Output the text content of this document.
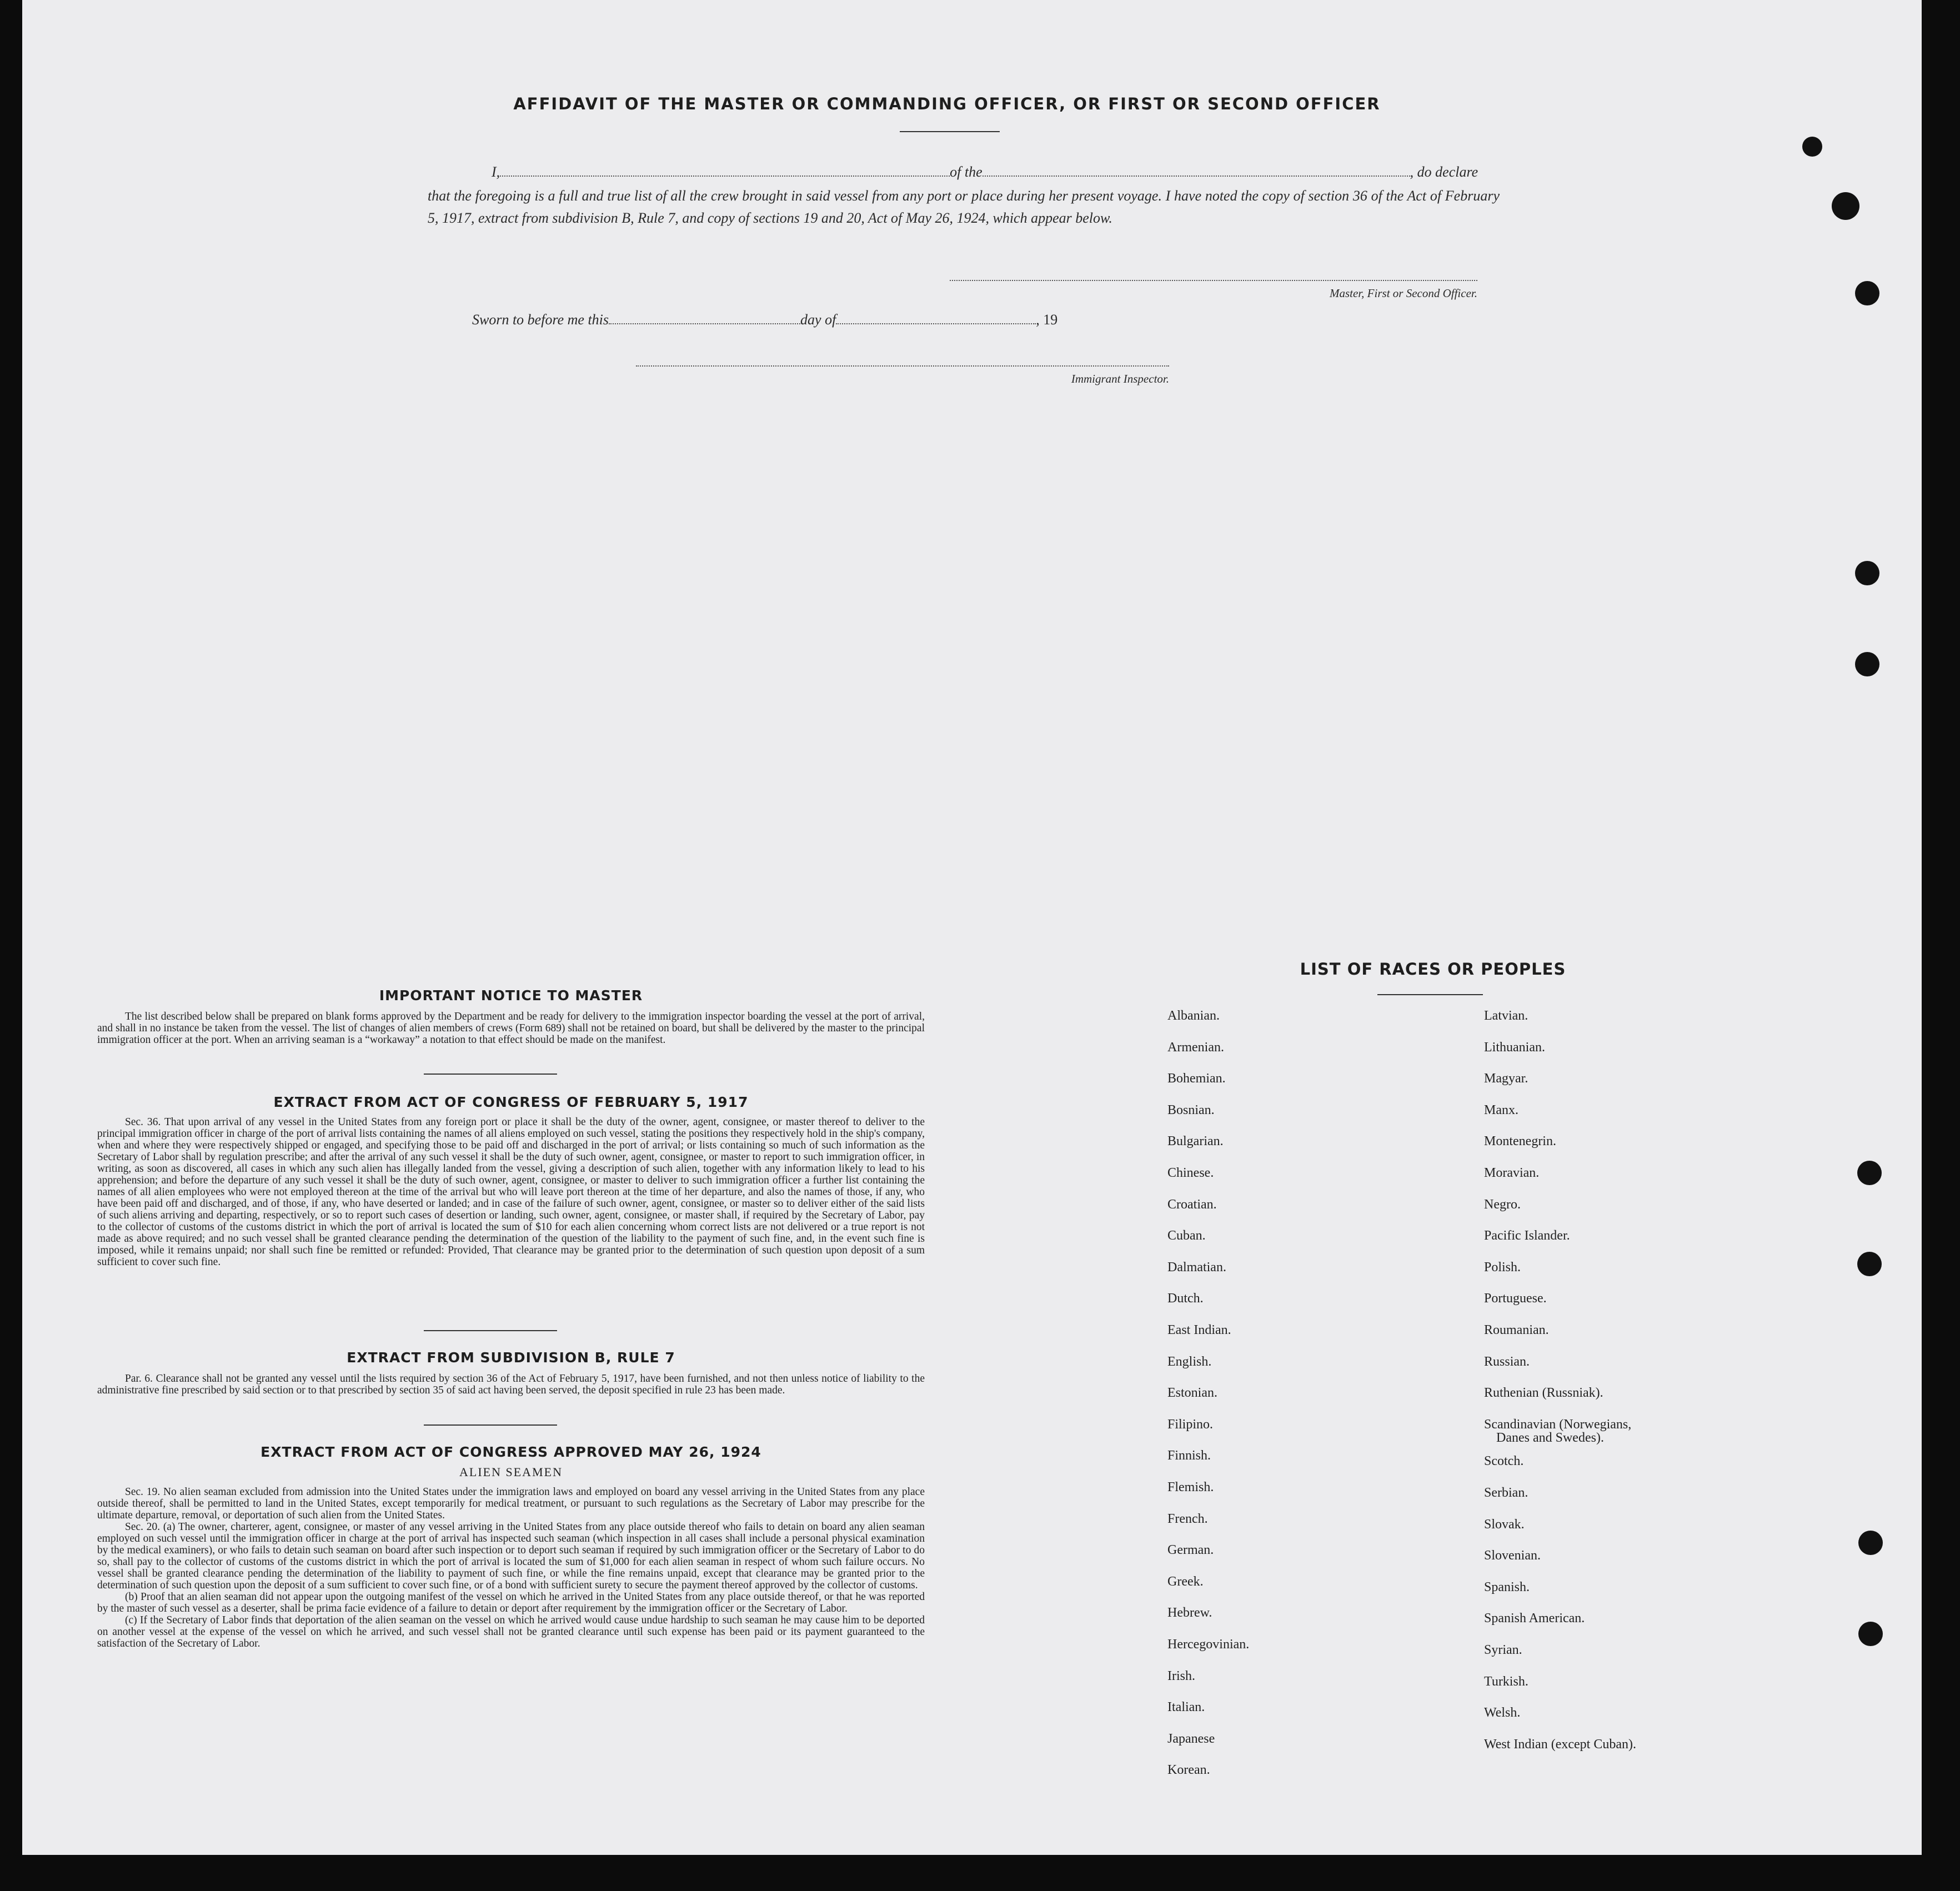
AFFIDAVIT OF THE MASTER OR COMMANDING OFFICER, OR FIRST OR SECOND OFFICER
I,	of the	, do declare
that the foregoing is a full and true list of all the crew brought in said vessel from any port or place during her present voyage. I have noted the copy of section 36 of the Act of February 5, 1917, extract from subdivision B, Rule 7, and copy of sections 19 and 20, Act of May 26, 1924, which appear below.
Master, First or Second Officer.
Sworn to before me this	day of	, 19
Immigrant Inspector.
IMPORTANT NOTICE TO MASTER

The list described below shall be prepared on blank forms approved by the Department and be ready for delivery to the immigration inspector boarding the vessel at the port of arrival, and shall in no instance be taken from the vessel. The list of changes of alien members of crews (Form 689) shall not be retained on board, but shall be delivered by the master to the principal immigration officer at the port. When an arriving seaman is a “workaway” a notation to that effect should be made on the manifest.

EXTRACT FROM ACT OF CONGRESS OF FEBRUARY 5, 1917

Sec. 36. That upon arrival of any vessel in the United States from any foreign port or place it shall be the duty of the owner, agent, consignee, or master thereof to deliver to the principal immigration officer in charge of the port of arrival lists containing the names of all aliens employed on such vessel, stating the positions they respectively hold in the ship's company, when and where they were respectively shipped or engaged, and specifying those to be paid off and discharged in the port of arrival; or lists containing so much of such information as the Secretary of Labor shall by regulation prescribe; and after the arrival of any such vessel it shall be the duty of such owner, agent, consignee, or master to report to such immigration officer, in writing, as soon as discovered, all cases in which any such alien has illegally landed from the vessel, giving a description of such alien, together with any information likely to lead to his apprehension; and before the departure of any such vessel it shall be the duty of such owner, agent, consignee, or master to deliver to such immigration officer a further list containing the names of all alien employees who were not employed thereon at the time of the arrival but who will leave port thereon at the time of her departure, and also the names of those, if any, who have been paid off and discharged, and of those, if any, who have deserted or landed; and in case of the failure of such owner, agent, consignee, or master so to deliver either of the said lists of such aliens arriving and departing, respectively, or so to report such cases of desertion or landing, such owner, agent, consignee, or master shall, if required by the Secretary of Labor, pay to the collector of customs of the customs district in which the port of arrival is located the sum of $10 for each alien concerning whom correct lists are not delivered or a true report is not made as above required; and no such vessel shall be granted clearance pending the determination of the question of the liability to the payment of such fine, and, in the event such fine is imposed, while it remains unpaid; nor shall such fine be remitted or refunded: Provided, That clearance may be granted prior to the determination of such question upon deposit of a sum sufficient to cover such fine.

EXTRACT FROM SUBDIVISION B, RULE 7

Par. 6. Clearance shall not be granted any vessel until the lists required by section 36 of the Act of February 5, 1917, have been furnished, and not then unless notice of liability to the administrative fine prescribed by said section or to that prescribed by section 35 of said act having been served, the deposit specified in rule 23 has been made.

EXTRACT FROM ACT OF CONGRESS APPROVED MAY 26, 1924
ALIEN SEAMEN

Sec. 19. No alien seaman excluded from admission into the United States under the immigration laws and employed on board any vessel arriving in the United States from any place outside thereof, shall be permitted to land in the United States, except temporarily for medical treatment, or pursuant to such regulations as the Secretary of Labor may prescribe for the ultimate departure, removal, or deportation of such alien from the United States.

Sec. 20. (a) The owner, charterer, agent, consignee, or master of any vessel arriving in the United States from any place outside thereof who fails to detain on board any alien seaman employed on such vessel until the immigration officer in charge at the port of arrival has inspected such seaman (which inspection in all cases shall include a personal physical examination by the medical examiners), or who fails to detain such seaman on board after such inspection or to deport such seaman if required by such immigration officer or the Secretary of Labor to do so, shall pay to the collector of customs of the customs district in which the port of arrival is located the sum of $1,000 for each alien seaman in respect of whom such failure occurs. No vessel shall be granted clearance pending the determination of the liability to payment of such fine, or while the fine remains unpaid, except that clearance may be granted prior to the determination of such question upon the deposit of a sum sufficient to cover such fine, or of a bond with sufficient surety to secure the payment thereof approved by the collector of customs.

(b) Proof that an alien seaman did not appear upon the outgoing manifest of the vessel on which he arrived in the United States from any place outside thereof, or that he was reported by the master of such vessel as a deserter, shall be prima facie evidence of a failure to detain or deport after requirement by the immigration officer or the Secretary of Labor.

(c) If the Secretary of Labor finds that deportation of the alien seaman on the vessel on which he arrived would cause undue hardship to such seaman he may cause him to be deported on another vessel at the expense of the vessel on which he arrived, and such vessel shall not be granted clearance until such expense has been paid or its payment guaranteed to the satisfaction of the Secretary of Labor.

LIST OF RACES OR PEOPLES
Albanian.
Armenian.
Bohemian.
Bosnian.
Bulgarian.
Chinese.
Croatian.
Cuban.
Dalmatian.
Dutch.
East Indian.
English.
Estonian.
Filipino.
Finnish.
Flemish.
French.
German.
Greek.
Hebrew.
Hercegovinian.
Irish.
Italian.
Japanese
Korean.
Latvian.
Lithuanian.
Magyar.
Manx.
Montenegrin.
Moravian.
Negro.
Pacific Islander.
Polish.
Portuguese.
Roumanian.
Russian.
Ruthenian (Russniak).
Scandinavian (Norwegians,
Danes and Swedes).
Scotch.
Serbian.
Slovak.
Slovenian.
Spanish.
Spanish American.
Syrian.
Turkish.
Welsh.
West Indian (except Cuban).
